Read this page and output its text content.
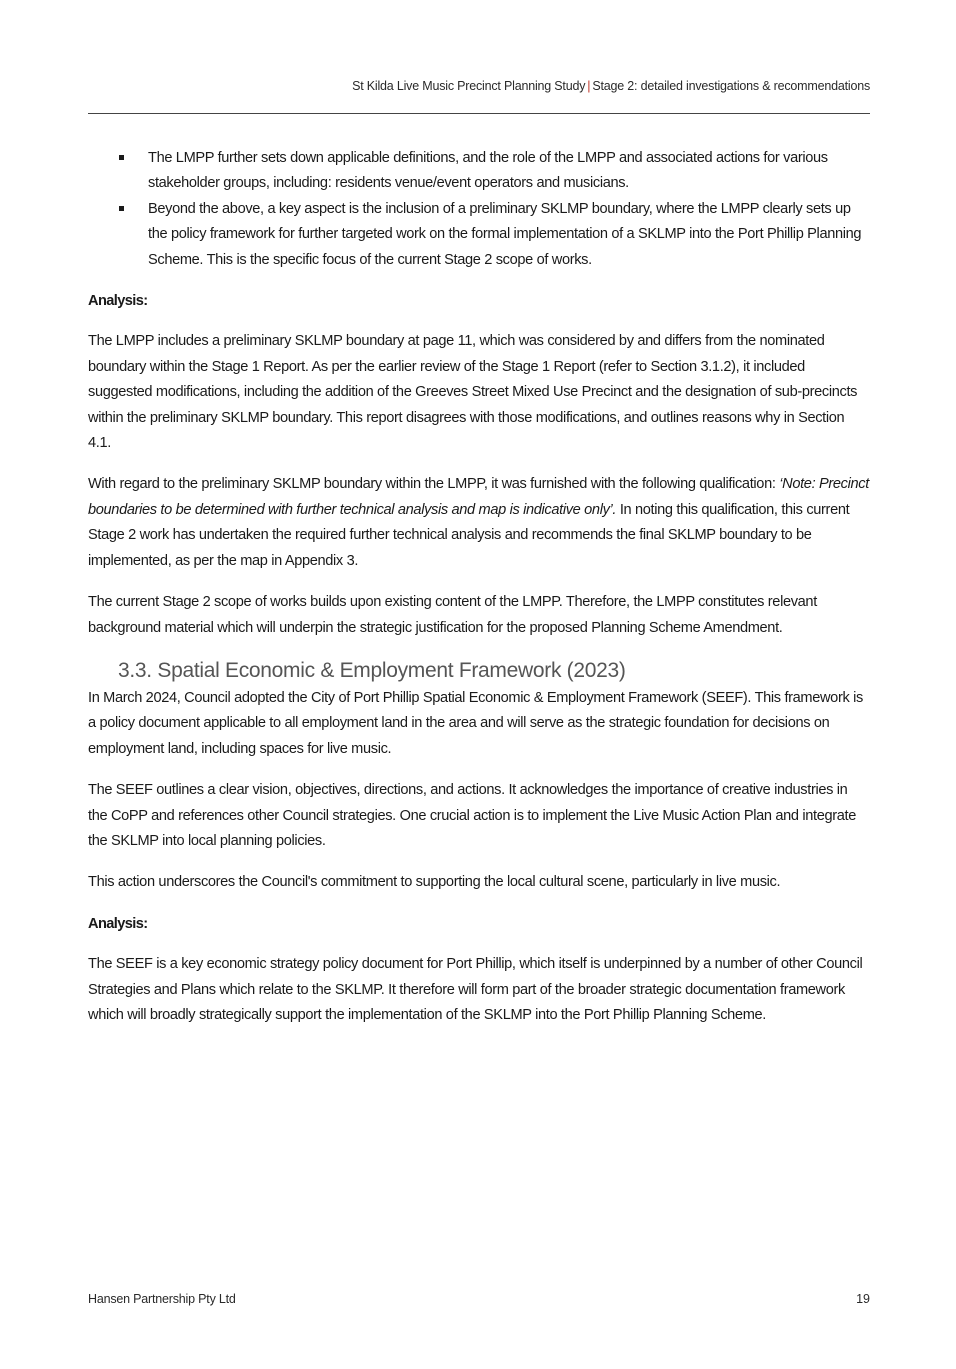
St Kilda Live Music Precinct Planning Study | Stage 2: detailed investigations & recommendations
The LMPP further sets down applicable definitions, and the role of the LMPP and associated actions for various stakeholder groups, including: residents venue/event operators and musicians.
Beyond the above, a key aspect is the inclusion of a preliminary SKLMP boundary, where the LMPP clearly sets up the policy framework for further targeted work on the formal implementation of a SKLMP into the Port Phillip Planning Scheme. This is the specific focus of the current Stage 2 scope of works.
Analysis:

The LMPP includes a preliminary SKLMP boundary at page 11, which was considered by and differs from the nominated boundary within the Stage 1 Report. As per the earlier review of the Stage 1 Report (refer to Section 3.1.2), it included suggested modifications, including the addition of the Greeves Street Mixed Use Precinct and the designation of sub-precincts within the preliminary SKLMP boundary. This report disagrees with those modifications, and outlines reasons why in Section 4.1.

With regard to the preliminary SKLMP boundary within the LMPP, it was furnished with the following qualification: ‘Note: Precinct boundaries to be determined with further technical analysis and map is indicative only’. In noting this qualification, this current Stage 2 work has undertaken the required further technical analysis and recommends the final SKLMP boundary to be implemented, as per the map in Appendix 3.

The current Stage 2 scope of works builds upon existing content of the LMPP. Therefore, the LMPP constitutes relevant background material which will underpin the strategic justification for the proposed Planning Scheme Amendment.

3.3. Spatial Economic & Employment Framework (2023)

In March 2024, Council adopted the City of Port Phillip Spatial Economic & Employment Framework (SEEF). This framework is a policy document applicable to all employment land in the area and will serve as the strategic foundation for decisions on employment land, including spaces for live music.

The SEEF outlines a clear vision, objectives, directions, and actions. It acknowledges the importance of creative industries in the CoPP and references other Council strategies. One crucial action is to implement the Live Music Action Plan and integrate the SKLMP into local planning policies.

This action underscores the Council's commitment to supporting the local cultural scene, particularly in live music.

Analysis:

The SEEF is a key economic strategy policy document for Port Phillip, which itself is underpinned by a number of other Council Strategies and Plans which relate to the SKLMP. It therefore will form part of the broader strategic documentation framework which will broadly strategically support the implementation of the SKLMP into the Port Phillip Planning Scheme.

Hansen Partnership Pty Ltd	19
